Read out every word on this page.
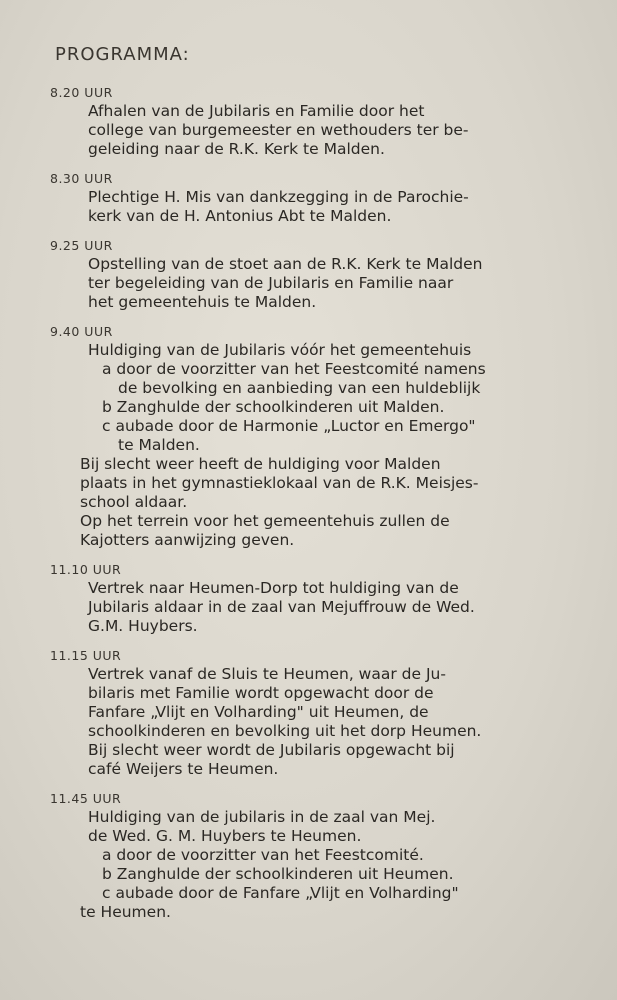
PROGRAMMA:
8.20 UUR
Afhalen van de Jubilaris en Familie door het
college van burgemeester en wethouders ter be-
geleiding naar de R.K. Kerk te Malden.
8.30 UUR
Plechtige H. Mis van dankzegging in de Parochie-
kerk van de H. Antonius Abt te Malden.
9.25 UUR
Opstelling van de stoet aan de R.K. Kerk te Malden
ter begeleiding van de Jubilaris en Familie naar
het gemeentehuis te Malden.
9.40 UUR
Huldiging van de Jubilaris vóór het gemeentehuis
a door de voorzitter van het Feestcomité namens
de bevolking en aanbieding van een huldeblijk
b Zanghulde der schoolkinderen uit Malden.
c aubade door de Harmonie „Luctor en Emergo"
te Malden.
Bij slecht weer heeft de huldiging voor Malden
plaats in het gymnastieklokaal van de R.K. Meisjes-
school aldaar.
Op het terrein voor het gemeentehuis zullen de
Kajotters aanwijzing geven.
11.10 UUR
Vertrek naar Heumen-Dorp tot huldiging van de
Jubilaris aldaar in de zaal van Mejuffrouw de Wed.
G.M. Huybers.
11.15 UUR
Vertrek vanaf de Sluis te Heumen, waar de Ju-
bilaris met Familie wordt opgewacht door de
Fanfare „Vlijt en Volharding" uit Heumen, de
schoolkinderen en bevolking uit het dorp Heumen.
Bij slecht weer wordt de Jubilaris opgewacht bij
café Weijers te Heumen.
11.45 UUR
Huldiging van de jubilaris in de zaal van Mej.
de Wed. G. M. Huybers te Heumen.
a door de voorzitter van het Feestcomité.
b Zanghulde der schoolkinderen uit Heumen.
c aubade door de Fanfare „Vlijt en Volharding"
te Heumen.
